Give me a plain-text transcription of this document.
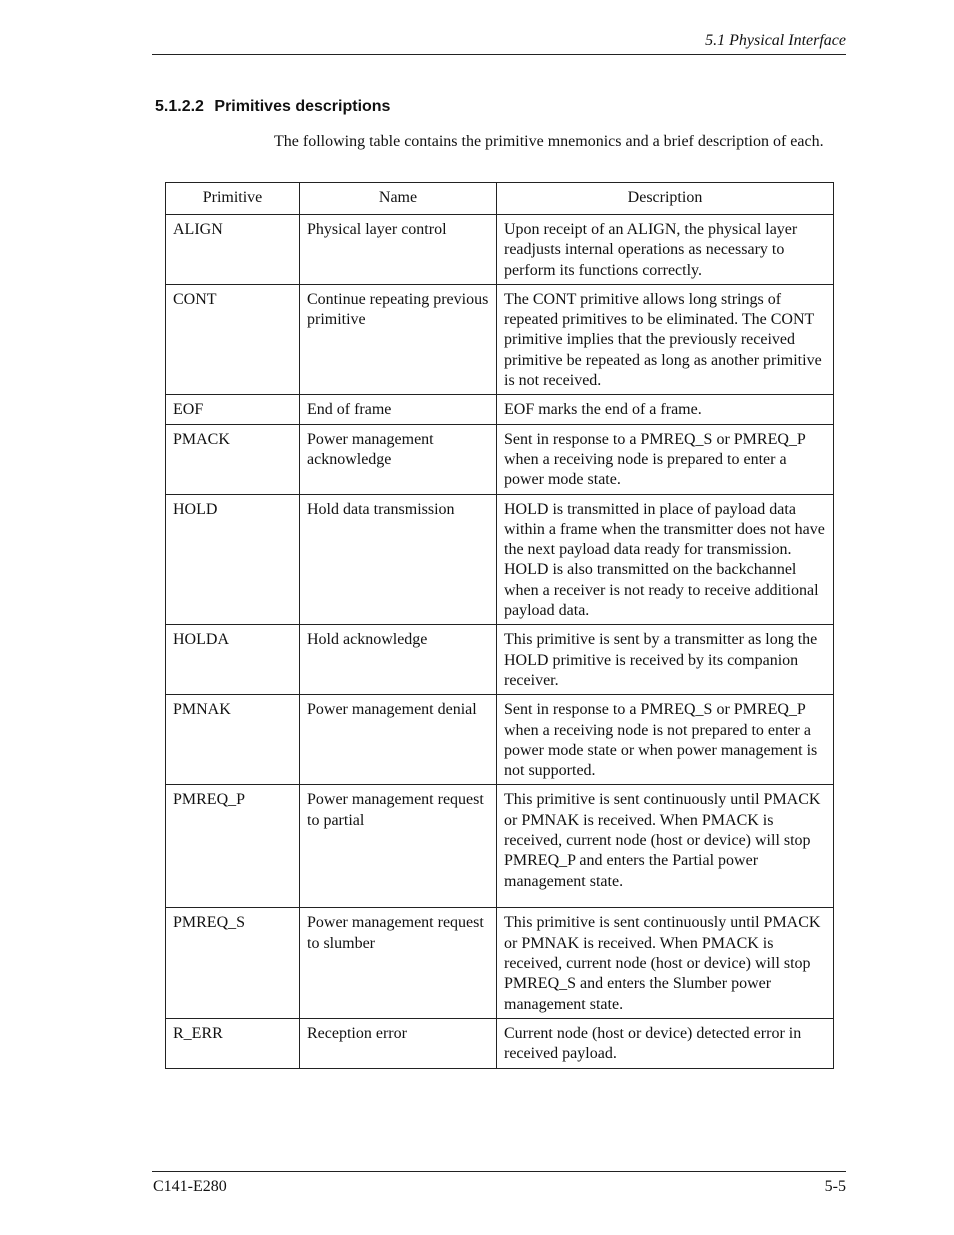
5.1 Physical Interface
5.1.2.2 Primitives descriptions

The following table contains the primitive mnemonics and a brief description of each.

Primitive	Name	Description
ALIGN	Physical layer control	Upon receipt of an ALIGN, the physical layer readjusts internal operations as necessary to perform its functions correctly.
CONT	Continue repeating previous primitive	The CONT primitive allows long strings of repeated primitives to be eliminated. The CONT primitive implies that the previously received primitive be repeated as long as another primitive is not received.
EOF	End of frame	EOF marks the end of a frame.
PMACK	Power management acknowledge	Sent in response to a PMREQ_S or PMREQ_P when a receiving node is prepared to enter a power mode state.
HOLD	Hold data transmission	HOLD is transmitted in place of payload data within a frame when the transmitter does not have the next payload data ready for transmission. HOLD is also transmitted on the backchannel when a receiver is not ready to receive additional payload data.
HOLDA	Hold acknowledge	This primitive is sent by a transmitter as long the HOLD primitive is received by its companion receiver.
PMNAK	Power management denial	Sent in response to a PMREQ_S or PMREQ_P when a receiving node is not prepared to enter a power mode state or when power management is not supported.
PMREQ_P	Power management request to partial	This primitive is sent continuously until PMACK or PMNAK is received. When PMACK is received, current node (host or device) will stop PMREQ_P and enters the Partial power management state.
PMREQ_S	Power management request to slumber	This primitive is sent continuously until PMACK or PMNAK is received. When PMACK is received, current node (host or device) will stop PMREQ_S and enters the Slumber power management state.
R_ERR	Reception error	Current node (host or device) detected error in received payload.
C141-E280	5-5
